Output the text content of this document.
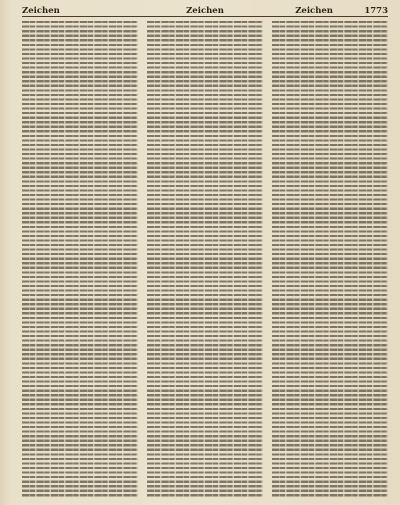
Zeichen	Zeichen	Zeichen	1773
